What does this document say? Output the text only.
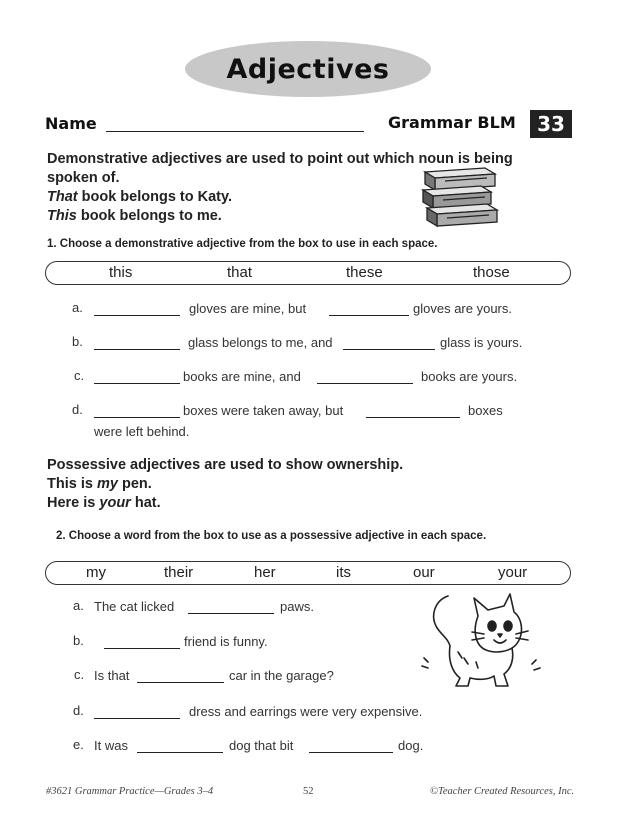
Adjectives
Name	Grammar BLM	33
Demonstrative adjectives are used to point out which noun is being
spoken of.
That book belongs to Katy.
This book belongs to me.
1. Choose a demonstrative adjective from the box to use in each space.
this	that	these	those
a.	gloves are mine, but	gloves are yours.
b.	glass belongs to me, and	glass is yours.
c.	books are mine, and	books are yours.
d.	boxes were taken away, but	boxes
were left behind.
Possessive adjectives are used to show ownership.
This is my pen.
Here is your hat.
2. Choose a word from the box to use as a possessive adjective in each space.
my	their	her	its	our	your
a. The cat licked	paws.
b.	friend is funny.
c. Is that	car in the garage?
d.	dress and earrings were very expensive.
e. It was	dog that bit	dog.
#3621 Grammar Practice—Grades 3–4	52	©Teacher Created Resources, Inc.
